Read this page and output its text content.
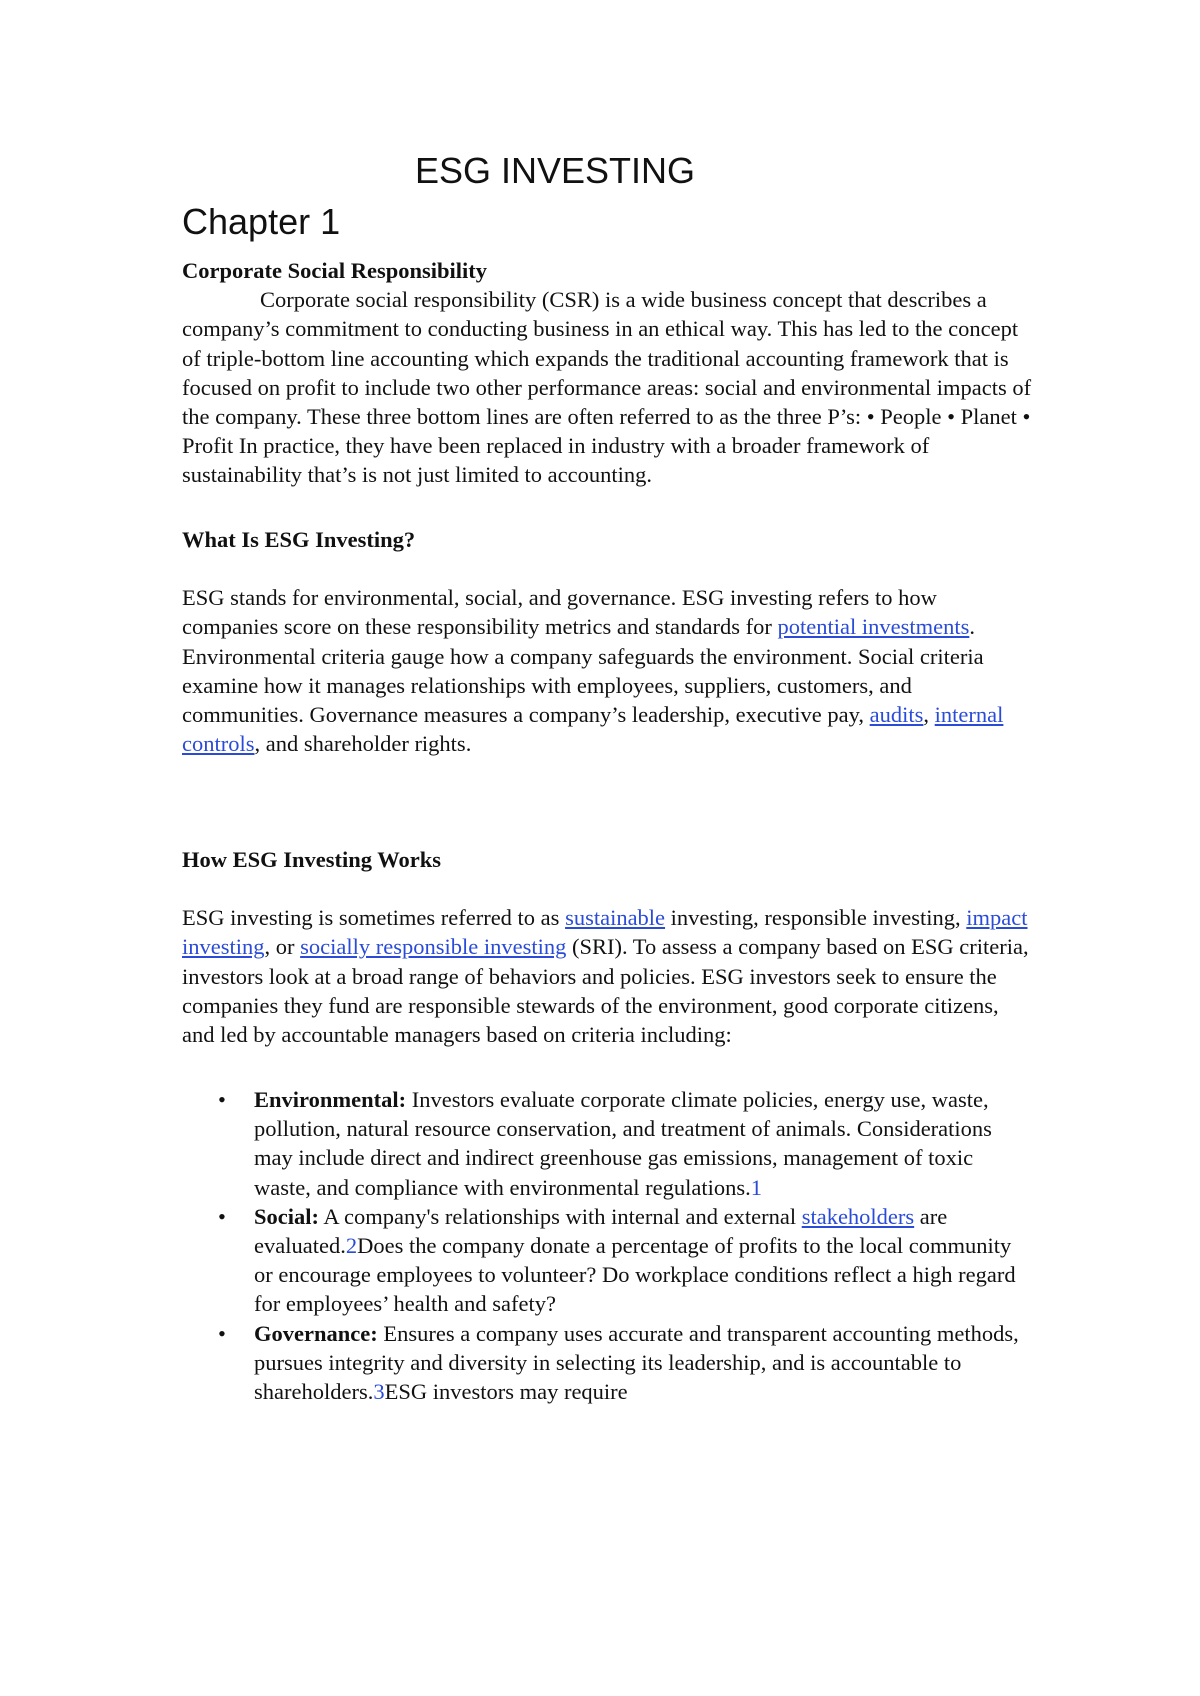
ESG INVESTING
Chapter 1
Corporate Social Responsibility
Corporate social responsibility (CSR) is a wide business concept that describes a company’s commitment to conducting business in an ethical way. This has led to the concept of triple-bottom line accounting which expands the traditional accounting framework that is focused on profit to include two other performance areas: social and environmental impacts of the company. These three bottom lines are often referred to as the three P’s: • People • Planet • Profit In practice, they have been replaced in industry with a broader framework of sustainability that’s is not just limited to accounting.
What Is ESG Investing?
ESG stands for environmental, social, and governance. ESG investing refers to how companies score on these responsibility metrics and standards for potential investments. Environmental criteria gauge how a company safeguards the environment. Social criteria examine how it manages relationships with employees, suppliers, customers, and communities. Governance measures a company’s leadership, executive pay, audits, internal controls, and shareholder rights.
How ESG Investing Works
ESG investing is sometimes referred to as sustainable investing, responsible investing, impact investing, or socially responsible investing (SRI). To assess a company based on ESG criteria, investors look at a broad range of behaviors and policies. ESG investors seek to ensure the companies they fund are responsible stewards of the environment, good corporate citizens, and led by accountable managers based on criteria including:
•	Environmental: Investors evaluate corporate climate policies, energy use, waste, pollution, natural resource conservation, and treatment of animals. Considerations may include direct and indirect greenhouse gas emissions, management of toxic waste, and compliance with environmental regulations.1
•	Social: A company's relationships with internal and external stakeholders are evaluated.2Does the company donate a percentage of profits to the local community or encourage employees to volunteer? Do workplace conditions reflect a high regard for employees’ health and safety?
•	Governance: Ensures a company uses accurate and transparent accounting methods, pursues integrity and diversity in selecting its leadership, and is accountable to shareholders.3ESG investors may require
